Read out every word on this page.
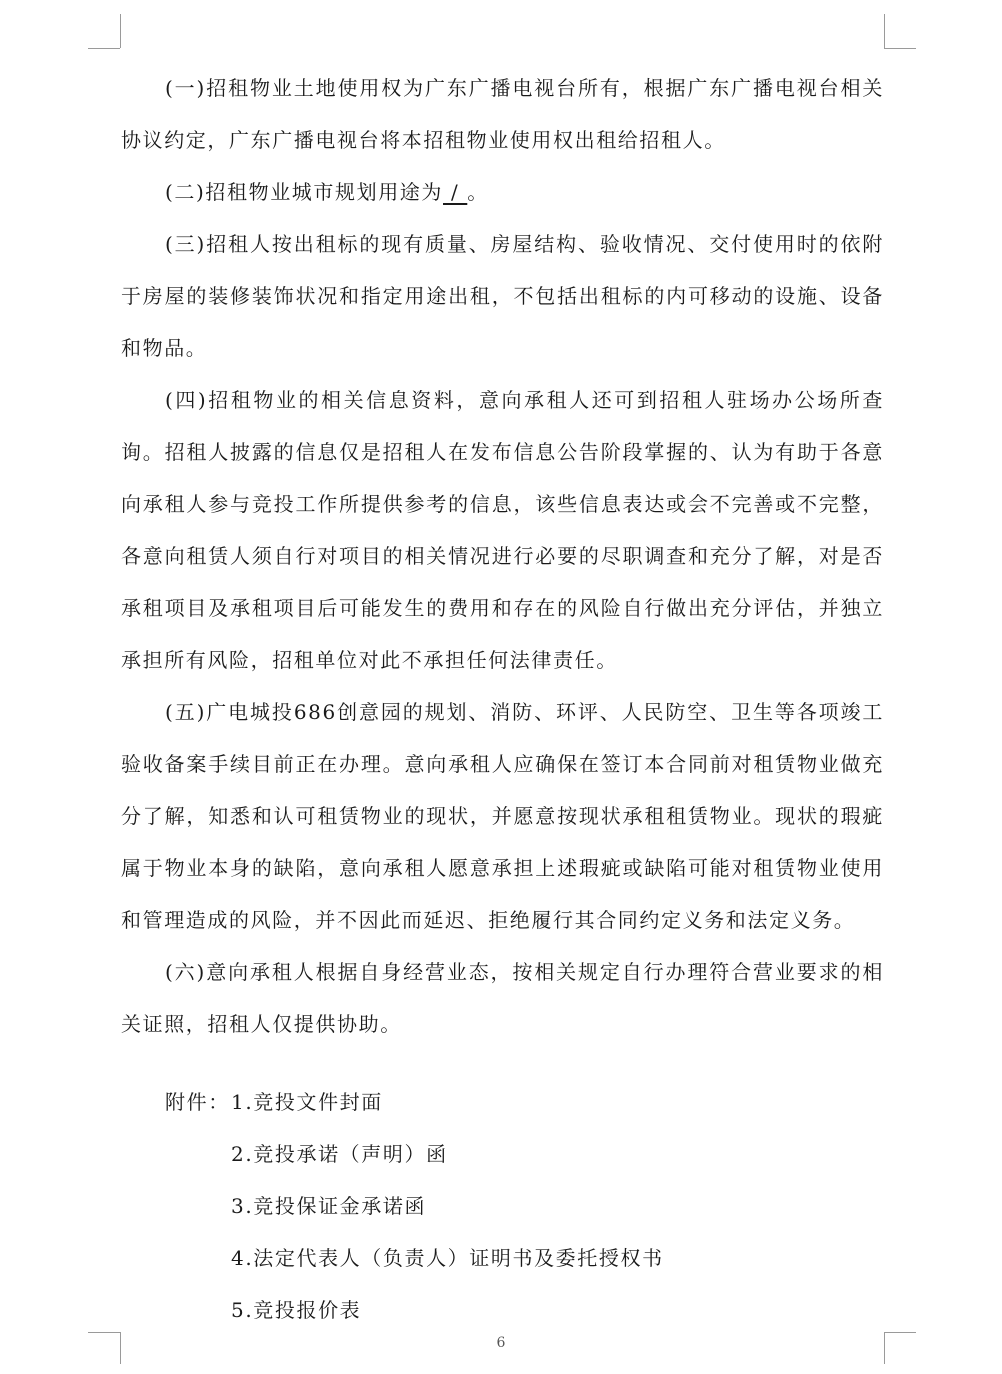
(一)招租物业土地使用权为广东广播电视台所有，根据广东广播电视台相关协议约定，广东广播电视台将本招租物业使用权出租给招租人。

(二)招租物业城市规划用途为 / 。

(三)招租人按出租标的现有质量、房屋结构、验收情况、交付使用时的依附于房屋的装修装饰状况和指定用途出租，不包括出租标的内可移动的设施、设备和物品。

(四)招租物业的相关信息资料，意向承租人还可到招租人驻场办公场所查询。招租人披露的信息仅是招租人在发布信息公告阶段掌握的、认为有助于各意向承租人参与竞投工作所提供参考的信息，该些信息表达或会不完善或不完整，各意向租赁人须自行对项目的相关情况进行必要的尽职调查和充分了解，对是否承租项目及承租项目后可能发生的费用和存在的风险自行做出充分评估，并独立承担所有风险，招租单位对此不承担任何法律责任。

(五)广电城投686创意园的规划、消防、环评、人民防空、卫生等各项竣工验收备案手续目前正在办理。意向承租人应确保在签订本合同前对租赁物业做充分了解，知悉和认可租赁物业的现状，并愿意按现状承租租赁物业。现状的瑕疵属于物业本身的缺陷，意向承租人愿意承担上述瑕疵或缺陷可能对租赁物业使用和管理造成的风险，并不因此而延迟、拒绝履行其合同约定义务和法定义务。

(六)意向承租人根据自身经营业态，按相关规定自行办理符合营业要求的相关证照，招租人仅提供协助。

附件：1.竞投文件封面
2.竞投承诺（声明）函
3.竞投保证金承诺函
4.法定代表人（负责人）证明书及委托授权书
5.竞投报价表
6
